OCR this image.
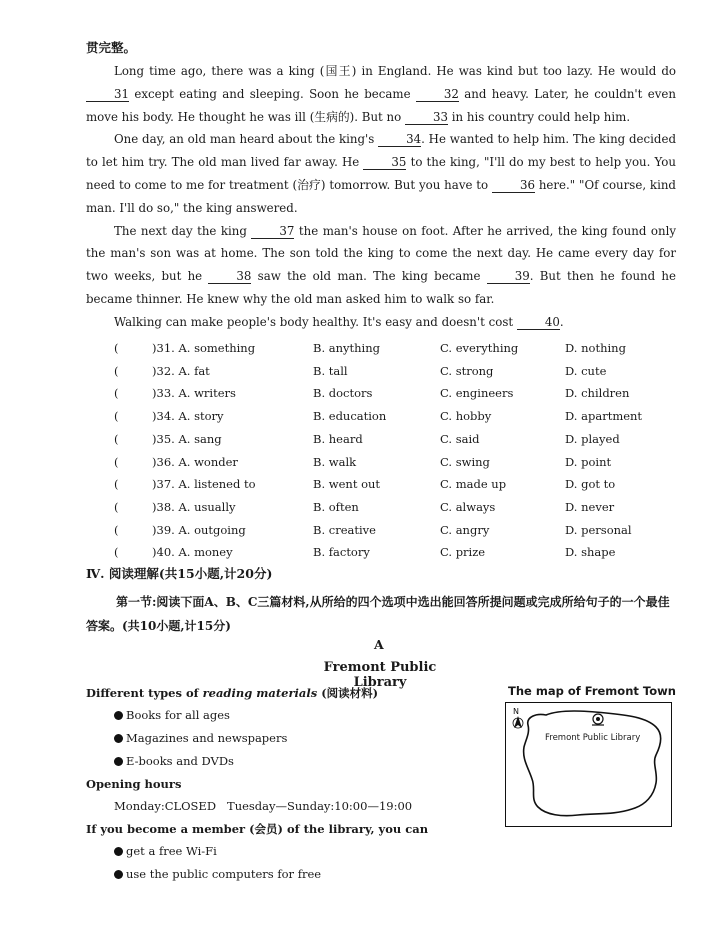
贯完整。

Long time ago, there was a king (国王) in England. He was kind but too lazy. He would do 31 except eating and sleeping. Soon he became 32 and heavy. Later, he couldn't even move his body. He thought he was ill (生病的). But no 33 in his country could help him.

One day, an old man heard about the king's 34. He wanted to help him. The king decided to let him try. The old man lived far away. He 35 to the king, "I'll do my best to help you. You need to come to me for treatment (治疗) tomorrow. But you have to 36 here." "Of course, kind man. I'll do so," the king answered.

The next day the king 37 the man's house on foot. After he arrived, the king found only the man's son was at home. The son told the king to come the next day. He came every day for two weeks, but he 38 saw the old man. The king became 39. But then he found he became thinner. He knew why the old man asked him to walk so far.

Walking can make people's body healthy. It's easy and doesn't cost 40.

(	)31. A. something	B. anything	C. everything	D. nothing
(	)32. A. fat	B. tall	C. strong	D. cute
(	)33. A. writers	B. doctors	C. engineers	D. children
(	)34. A. story	B. education	C. hobby	D. apartment
(	)35. A. sang	B. heard	C. said	D. played
(	)36. A. wonder	B. walk	C. swing	D. point
(	)37. A. listened to	B. went out	C. made up	D. got to
(	)38. A. usually	B. often	C. always	D. never
(	)39. A. outgoing	B. creative	C. angry	D. personal
(	)40. A. money	B. factory	C. prize	D. shape
Ⅳ. 阅读理解(共15小题,计20分)
第一节:阅读下面A、B、C三篇材料,从所给的四个选项中选出能回答所提问题或完成所给句子的一个最佳答案。(共10小题,计15分)
A
Fremont Public Library
Different types of reading materials (阅读材料)
Books for all ages
Magazines and newspapers
E-books and DVDs
Opening hours
Monday:CLOSED   Tuesday—Sunday:10:00—19:00
If you become a member (会员) of the library, you can
get a free Wi-Fi
use the public computers for free
The map of Fremont Town
N
Fremont Public Library
